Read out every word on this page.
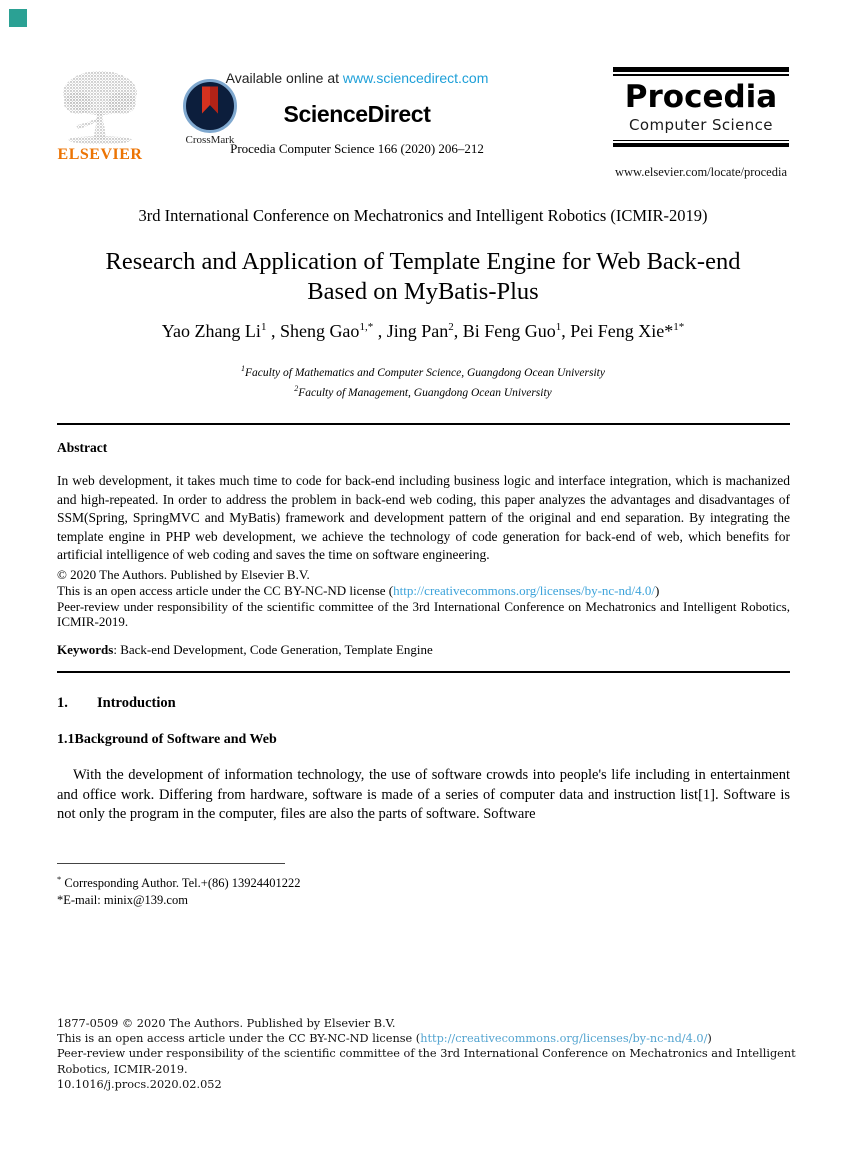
ELSEVIER
CrossMark
Available online at www.sciencedirect.com
ScienceDirect
Procedia Computer Science 166 (2020) 206–212
Procedia
Computer Science
www.elsevier.com/locate/procedia
3rd International Conference on Mechatronics and Intelligent Robotics (ICMIR-2019)
Research and Application of Template Engine for Web Back-end
Based on MyBatis-Plus
Yao Zhang Li$^1$ , Sheng Gao$^{1,*}$ , Jing Pan$^2$, Bi Feng Guo$^1$, Pei Feng Xie*$^{1*}$
$^1$Faculty of Mathematics and Computer Science, Guangdong Ocean University
$^2$Faculty of Management, Guangdong Ocean University
Abstract
In web development, it takes much time to code for back-end including business logic and interface integration, which is machanized and high-repeated. In order to address the problem in back-end web coding, this paper analyzes the advantages and disadvantages of SSM(Spring, SpringMVC and MyBatis) framework and development pattern of the original and end separation. By integrating the template engine in PHP web development, we achieve the technology of code generation for back-end of web, which benefits for artificial intelligence of web coding and saves the time on software engineering.
© 2020 The Authors. Published by Elsevier B.V.
This is an open access article under the CC BY-NC-ND license (http://creativecommons.org/licenses/by-nc-nd/4.0/)
Peer-review under responsibility of the scientific committee of the 3rd International Conference on Mechatronics and Intelligent Robotics, ICMIR-2019.
Keywords: Back-end Development, Code Generation, Template Engine
1. Introduction
1.1Background of Software and Web
With the development of information technology, the use of software crowds into people's life including in entertainment and office work. Differing from hardware, software is made of a series of computer data and instruction list[1]. Software is not only the program in the computer, files are also the parts of software. Software
* Corresponding Author. Tel.+(86) 13924401222
*E-mail: minix@139.com
1877-0509 © 2020 The Authors. Published by Elsevier B.V.
This is an open access article under the CC BY-NC-ND license (http://creativecommons.org/licenses/by-nc-nd/4.0/)
Peer-review under responsibility of the scientific committee of the 3rd International Conference on Mechatronics and Intelligent Robotics, ICMIR-2019.
10.1016/j.procs.2020.02.052
